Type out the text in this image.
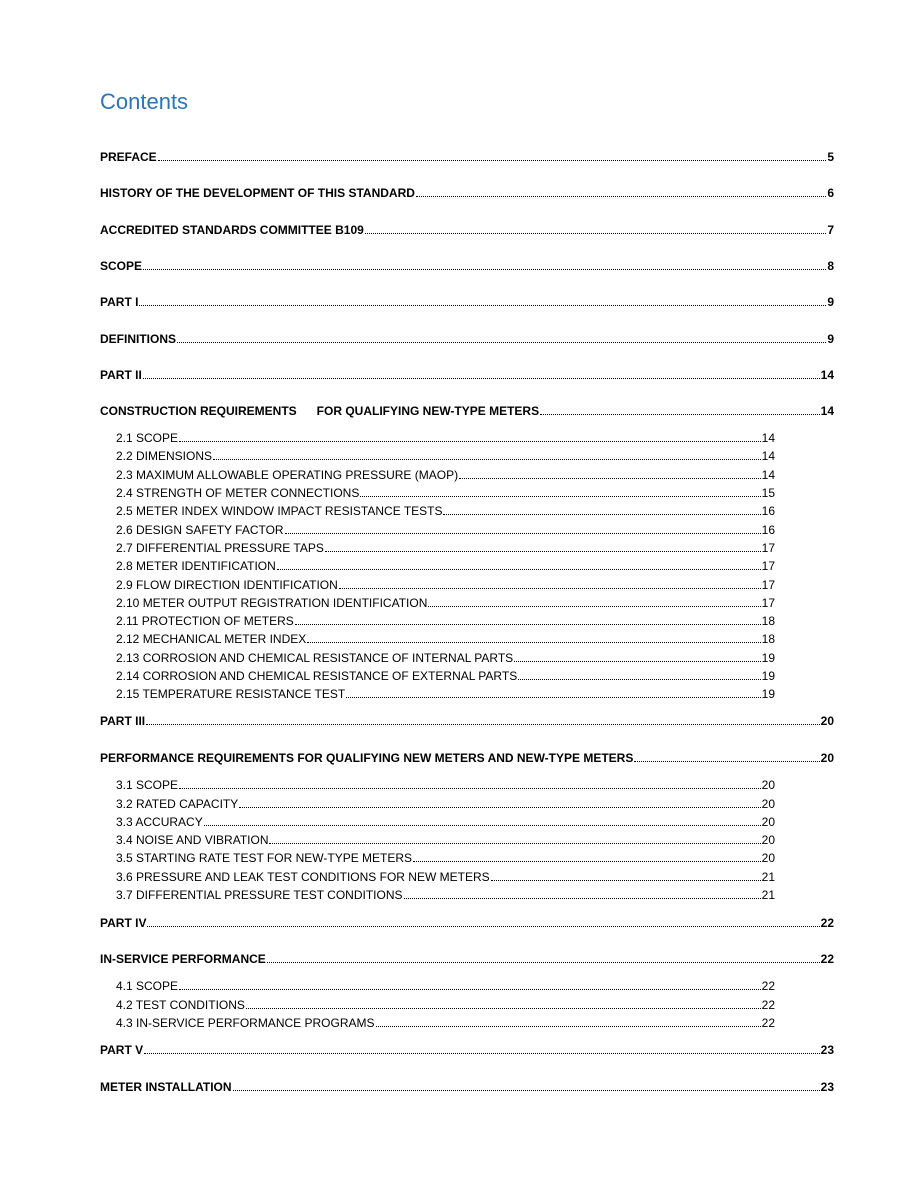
Contents
PREFACE	5
HISTORY OF THE DEVELOPMENT OF THIS STANDARD	6
ACCREDITED STANDARDS COMMITTEE B109	7
SCOPE	8
PART I	9
DEFINITIONS	9
PART II	14
CONSTRUCTION REQUIREMENTS      FOR QUALIFYING NEW-TYPE METERS	14
2.1 SCOPE	14
2.2 DIMENSIONS	14
2.3 MAXIMUM ALLOWABLE OPERATING PRESSURE (MAOP)	14
2.4 STRENGTH OF METER CONNECTIONS	15
2.5 METER INDEX WINDOW IMPACT RESISTANCE TESTS	16
2.6 DESIGN SAFETY FACTOR	16
2.7 DIFFERENTIAL PRESSURE TAPS	17
2.8 METER IDENTIFICATION	17
2.9 FLOW DIRECTION IDENTIFICATION	17
2.10 METER OUTPUT REGISTRATION IDENTIFICATION	17
2.11 PROTECTION OF METERS	18
2.12 MECHANICAL METER INDEX	18
2.13 CORROSION AND CHEMICAL RESISTANCE OF INTERNAL PARTS	19
2.14 CORROSION AND CHEMICAL RESISTANCE OF EXTERNAL PARTS	19
2.15 TEMPERATURE RESISTANCE TEST	19
PART III	20
PERFORMANCE REQUIREMENTS FOR QUALIFYING NEW METERS AND NEW-TYPE METERS	20
3.1 SCOPE	20
3.2 RATED CAPACITY	20
3.3 ACCURACY	20
3.4 NOISE AND VIBRATION	20
3.5 STARTING RATE TEST FOR NEW-TYPE METERS	20
3.6 PRESSURE AND LEAK TEST CONDITIONS FOR NEW METERS	21
3.7 DIFFERENTIAL PRESSURE TEST CONDITIONS	21
PART IV	22
IN-SERVICE PERFORMANCE	22
4.1 SCOPE	22
4.2 TEST CONDITIONS	22
4.3 IN-SERVICE PERFORMANCE PROGRAMS	22
PART V	23
METER INSTALLATION	23
